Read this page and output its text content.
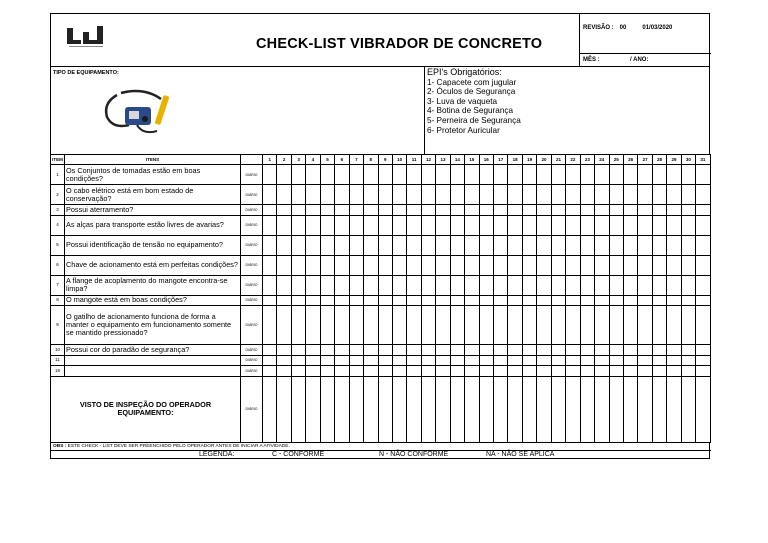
CHECK-LIST VIBRADOR DE CONCRETO
REVISÃO : 00	01/03/2020
MÊS :	/ ANO:
TIPO DE EQUIPAMENTO:	EPI's Obrigatórios:
1- Capacete com jugular
2- Óculos de Segurança
3- Luva de vaqueta
4- Botina de Segurança
5- Perneira de Segurança
6- Protetor Auricular
ITEM	ITENS		1	2	3	4	5	6	7	8	9	10	11	12	13	14	15	16	17	18	19	20	21	22	23	24	25	26	27	28	29	30	31
1	Os Conjuntos de tomadas estão em boas condições?	DIÁRIO																															
2	O cabo elétrico está em bom estado de conservação?	DIÁRIO																															
3	Possui aterramento?	DIÁRIO																															
4	As alças para transporte estão livres de avarias?	DIÁRIO																															
5	Possui identificação de tensão no equipamento?	DIÁRIO																															
6	Chave de acionamento está em perfeitas condições?	DIÁRIO																															
7	A flange de acoplamento do mangote encontra-se limpa?	DIÁRIO																															
8	O mangote está em boas condições?	DIÁRIO																															
9	O gatilho de acionamento funciona de forma a manter o equipamento em funcionamento somente se mantido pressionado?	DIÁRIO																															
10	Possui cor do paradão de segurança?	DIÁRIO																															
11		DIÁRIO																															
18		DIÁRIO																															
VISTO DE INSPEÇÃO DO OPERADOR EQUIPAMENTO:		DIÁRIO																															
OBS : ESTE CHECK - LIST DEVE SER PREENCHIDO PELO OPERADOR ANTES DE INICIAR A ATIVIDADE.
LEGENDA:	C - CONFORME	N - NÃO CONFORME	NA - NÃO SE APLICA
